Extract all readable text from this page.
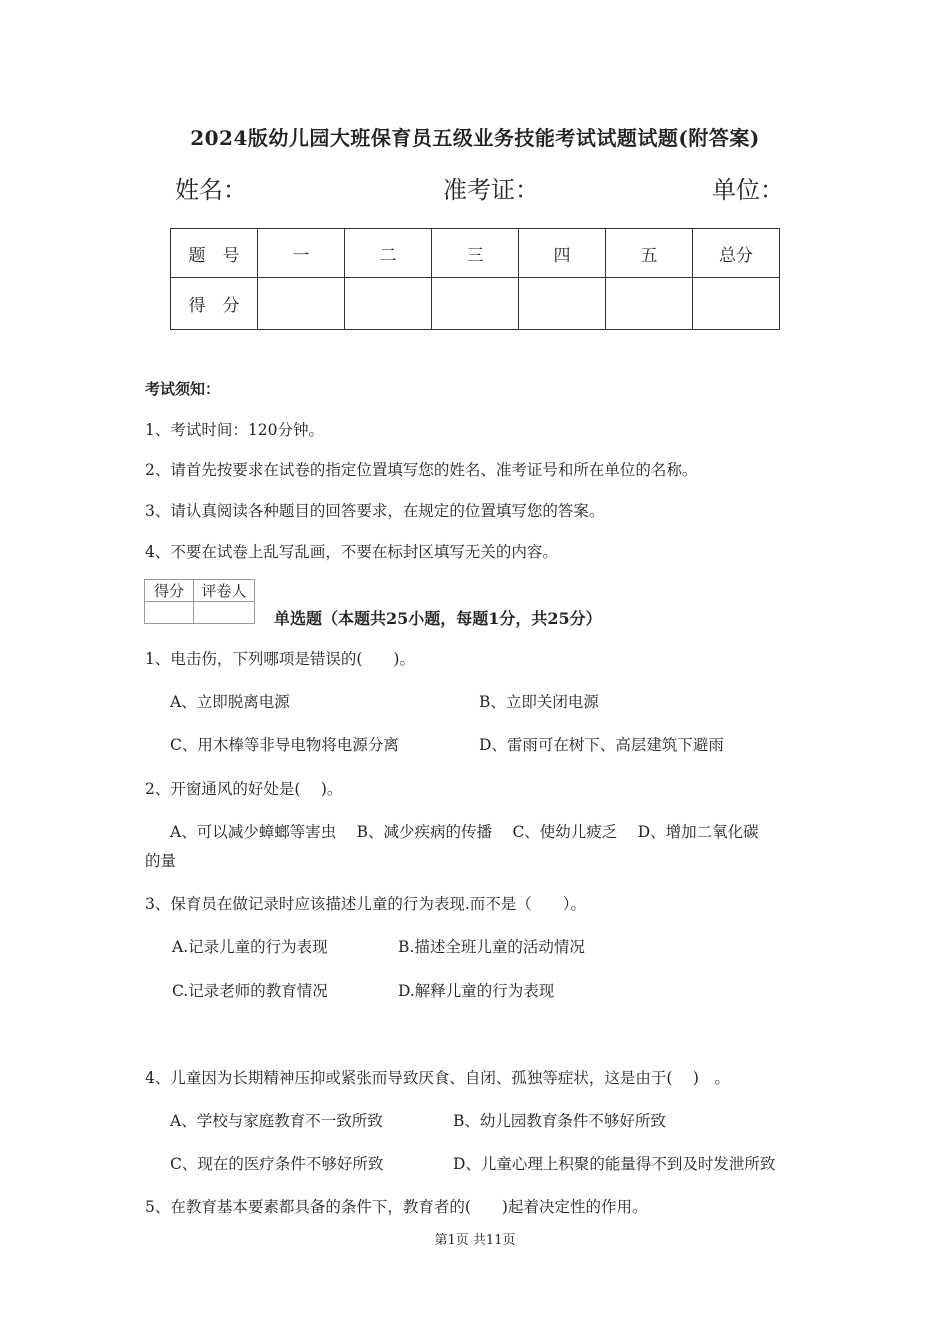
2024版幼儿园大班保育员五级业务技能考试试题试题(附答案)
姓名：	准考证：	单位：
题　号	一	二	三	四	五	总分
得　分						
考试须知：
1、考试时间：120分钟。
2、请首先按要求在试卷的指定位置填写您的姓名、准考证号和所在单位的名称。
3、请认真阅读各种题目的回答要求，在规定的位置填写您的答案。
4、不要在试卷上乱写乱画，不要在标封区填写无关的内容。
得分	评卷人

单选题（本题共25小题，每题1分，共25分）
1、电击伤，下列哪项是错误的(　　)。
A、立即脱离电源	B、立即关闭电源
C、用木棒等非导电物将电源分离	D、雷雨可在树下、高层建筑下避雨
2、开窗通风的好处是(　 )。
A、可以减少蟑螂等害虫　 B、减少疾病的传播　 C、使幼儿疲乏　 D、增加二氧化碳
的量
3、保育员在做记录时应该描述儿童的行为表现.而不是（　　）。
A.记录儿童的行为表现	B.描述全班儿童的活动情况
C.记录老师的教育情况	D.解释儿童的行为表现
4、儿童因为长期精神压抑或紧张而导致厌食、自闭、孤独等症状，这是由于(　 )　。
A、学校与家庭教育不一致所致	B、幼儿园教育条件不够好所致
C、现在的医疗条件不够好所致	D、儿童心理上积聚的能量得不到及时发泄所致
5、在教育基本要素都具备的条件下，教育者的(　　)起着决定性的作用。
第1页 共11页
